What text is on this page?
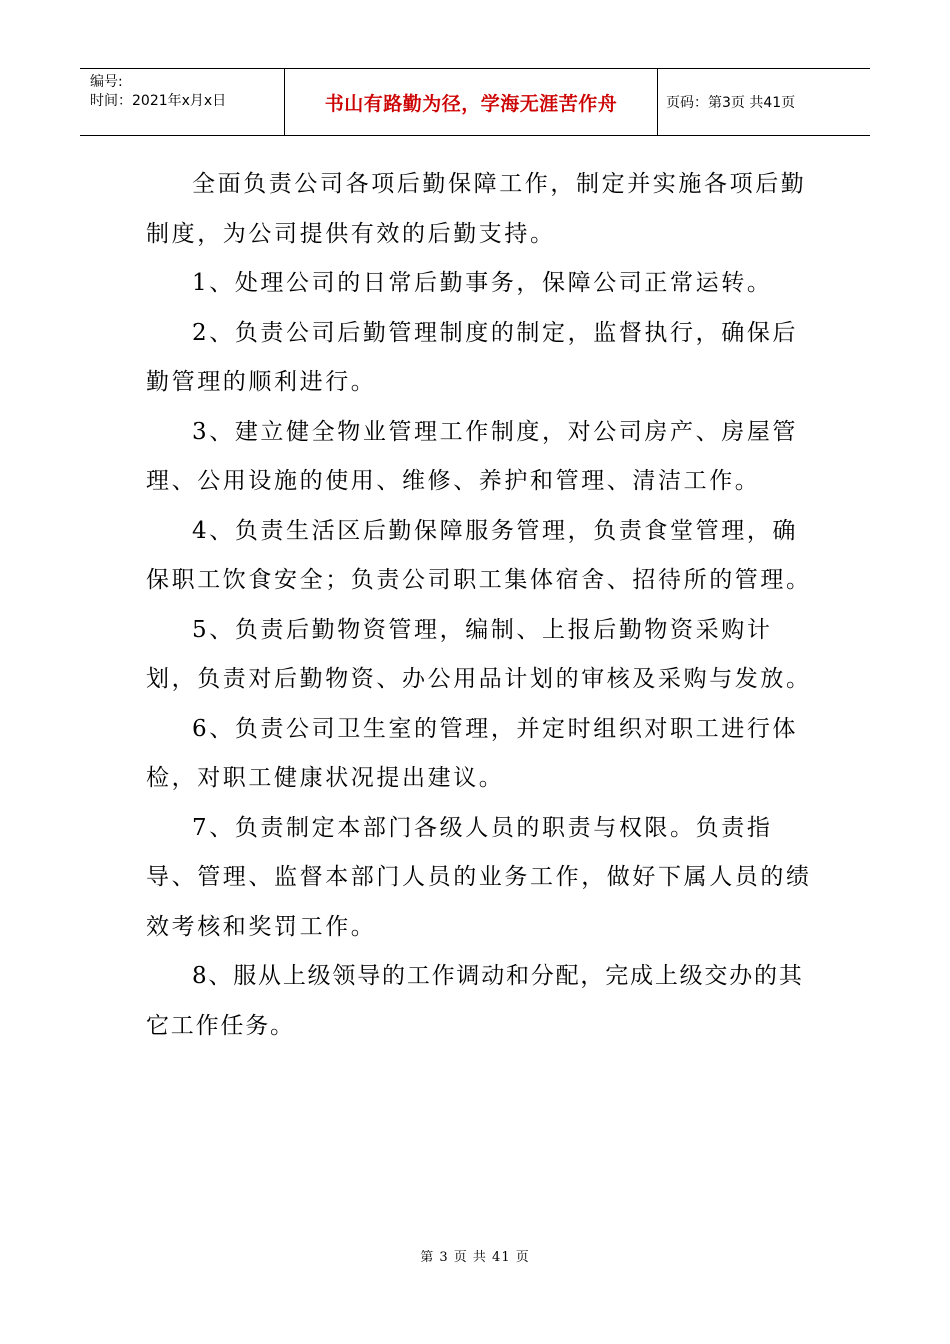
编号:
时间：2021年x月x日	书山有路勤为径，学海无涯苦作舟	页码：第3页 共41页

全面负责公司各项后勤保障工作，制定并实施各项后勤制度，为公司提供有效的后勤支持。

1、处理公司的日常后勤事务，保障公司正常运转。

2、负责公司后勤管理制度的制定，监督执行，确保后勤管理的顺利进行。

3、建立健全物业管理工作制度，对公司房产、房屋管理、公用设施的使用、维修、养护和管理、清洁工作。

4、负责生活区后勤保障服务管理，负责食堂管理，确保职工饮食安全；负责公司职工集体宿舍、招待所的管理。

5、负责后勤物资管理，编制、上报后勤物资采购计划，负责对后勤物资、办公用品计划的审核及采购与发放。

6、负责公司卫生室的管理，并定时组织对职工进行体检，对职工健康状况提出建议。

7、负责制定本部门各级人员的职责与权限。负责指导、管理、监督本部门人员的业务工作，做好下属人员的绩效考核和奖罚工作。

8、服从上级领导的工作调动和分配，完成上级交办的其它工作任务。

第 3 页 共 41 页
